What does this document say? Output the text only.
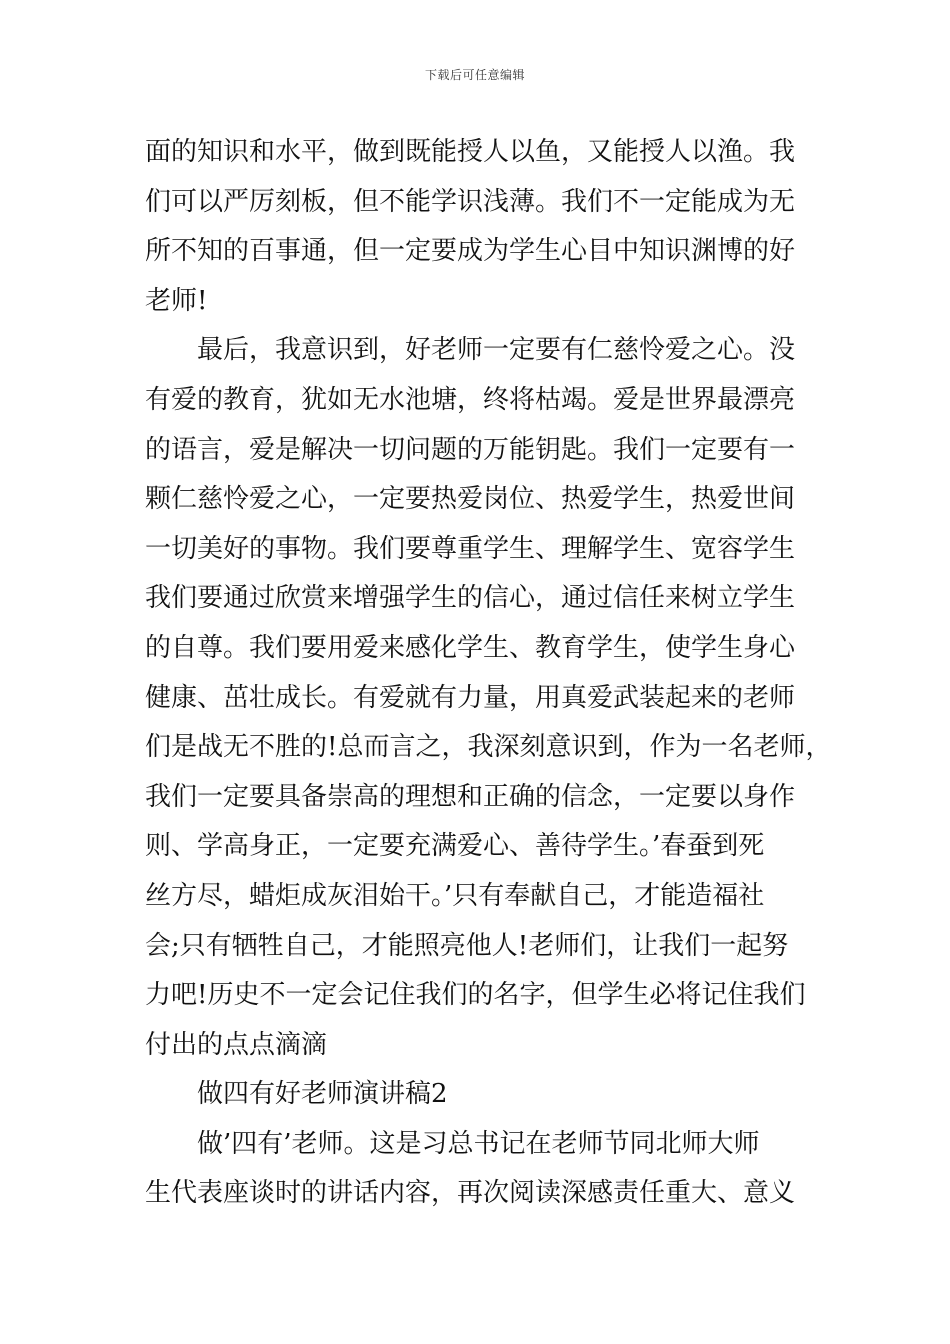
下载后可任意编辑
面的知识和水平，做到既能授人以鱼，又能授人以渔。我
们可以严厉刻板，但不能学识浅薄。我们不一定能成为无
所不知的百事通，但一定要成为学生心目中知识渊博的好
老师!
最后，我意识到，好老师一定要有仁慈怜爱之心。没
有爱的教育，犹如无水池塘，终将枯竭。爱是世界最漂亮
的语言，爱是解决一切问题的万能钥匙。我们一定要有一
颗仁慈怜爱之心，一定要热爱岗位、热爱学生，热爱世间
一切美好的事物。我们要尊重学生、理解学生、宽容学生
我们要通过欣赏来增强学生的信心，通过信任来树立学生
的自尊。我们要用爱来感化学生、教育学生，使学生身心
健康、茁壮成长。有爱就有力量，用真爱武装起来的老师
们是战无不胜的!总而言之，我深刻意识到，作为一名老师，
我们一定要具备崇高的理想和正确的信念，一定要以身作
则、学高身正，一定要充满爱心、善待学生。’春蚕到死
丝方尽，蜡炬成灰泪始干。’只有奉献自己，才能造福社
会;只有牺牲自己，才能照亮他人!老师们，让我们一起努
力吧!历史不一定会记住我们的名字，但学生必将记住我们
付出的点点滴滴
做四有好老师演讲稿2
做’四有’老师。这是习总书记在老师节同北师大师
生代表座谈时的讲话内容，再次阅读深感责任重大、意义
